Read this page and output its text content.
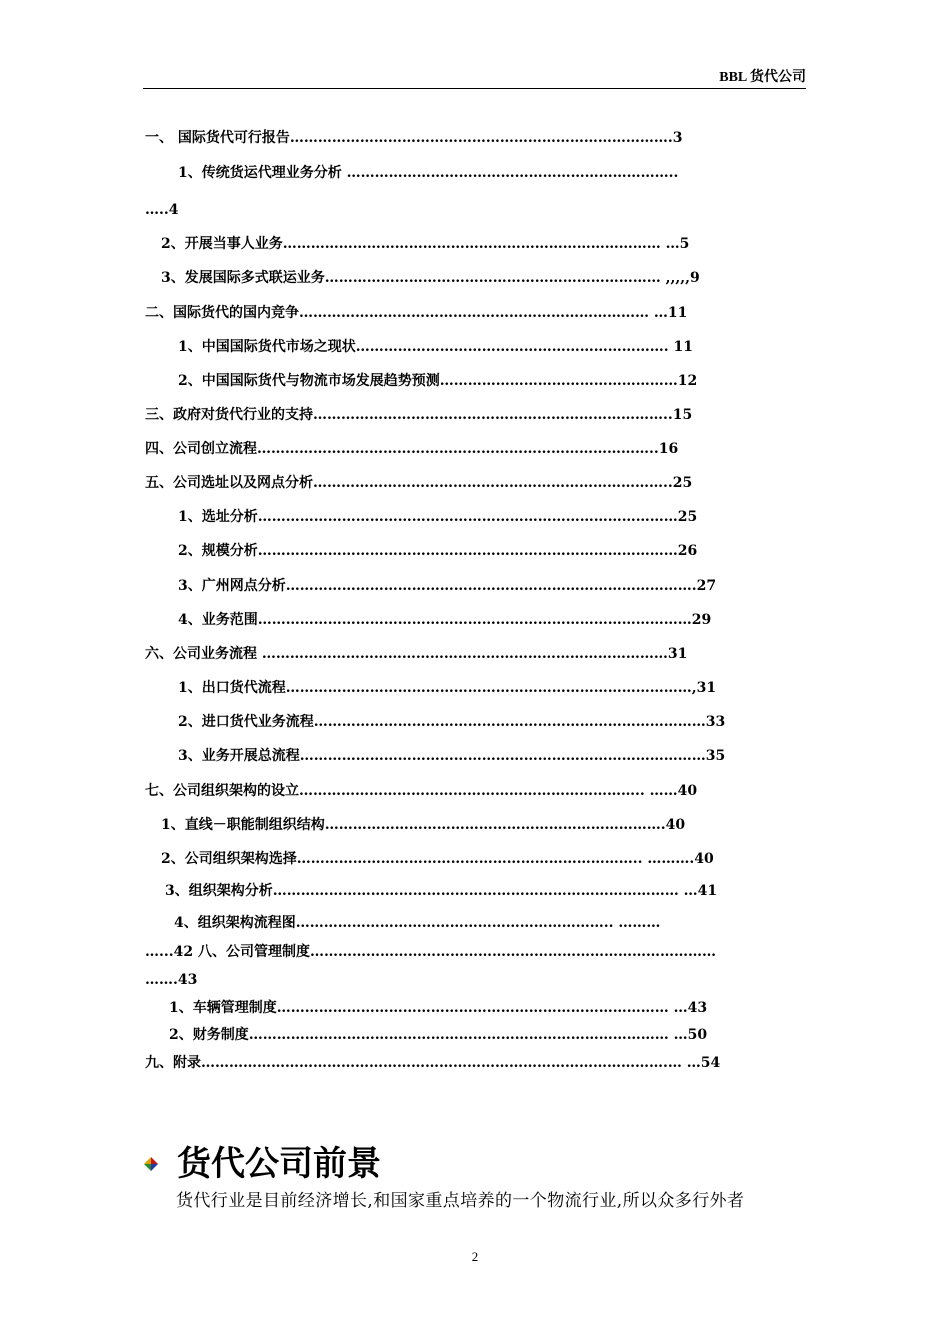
BBL 货代公司
一、 国际货代可行报告……………………………………………………………………….3
1、传统货运代理业务分析 ……………………………………………………………..
…..4
2、开展当事人业务……………………………………………………………………… …5
3、发展国际多式联运业务……………………………………………………………… ,,,,,9
二、国际货代的国内竞争………………………………………………………………… …11
1、中国国际货代市场之现状…………………………………………………………. 11
2、中国国际货代与物流市场发展趋势预测……………………………………………12
三、政府对货代行业的支持…………………………………………………………………..15
四、公司创立流程…………………………………………………………………………..16
五、公司选址以及网点分析…………………………………………………………………..25
1、选址分析………………………………………………………………………………25
2、规模分析………………………………………………………………………………26
3、广州网点分析…………………………………………………………………………….27
4、业务范围…………………………………………………………………………………29
六、公司业务流程 ……………………………………………………………………………31
1、出口货代流程……………………………………………………………………………,31
2、进口货代业务流程…………………………………………………………………………33
3、业务开展总流程……………………………………………………………………………35
七、公司组织架构的设立……………………………………………………………….. ……40
1、直线－职能制组织结构……………………………………………………………….40
2、公司组织架构选择……………………………………………………………….. ……….40
3、组织架构分析…………………………………………………………………………… …41
4、组织架构流程图………………………………………………………….. ………
…...42 八、公司管理制度……………………………………………………………………………
…….43
1、车辆管理制度………………………………………………………………………… …43
2、财务制度……………………………………………………………………………… …50
九、附录……………………………………………………………………………………….… …54
货代公司前景
货代行业是目前经济增长,和国家重点培养的一个物流行业,所以众多行外者
2
